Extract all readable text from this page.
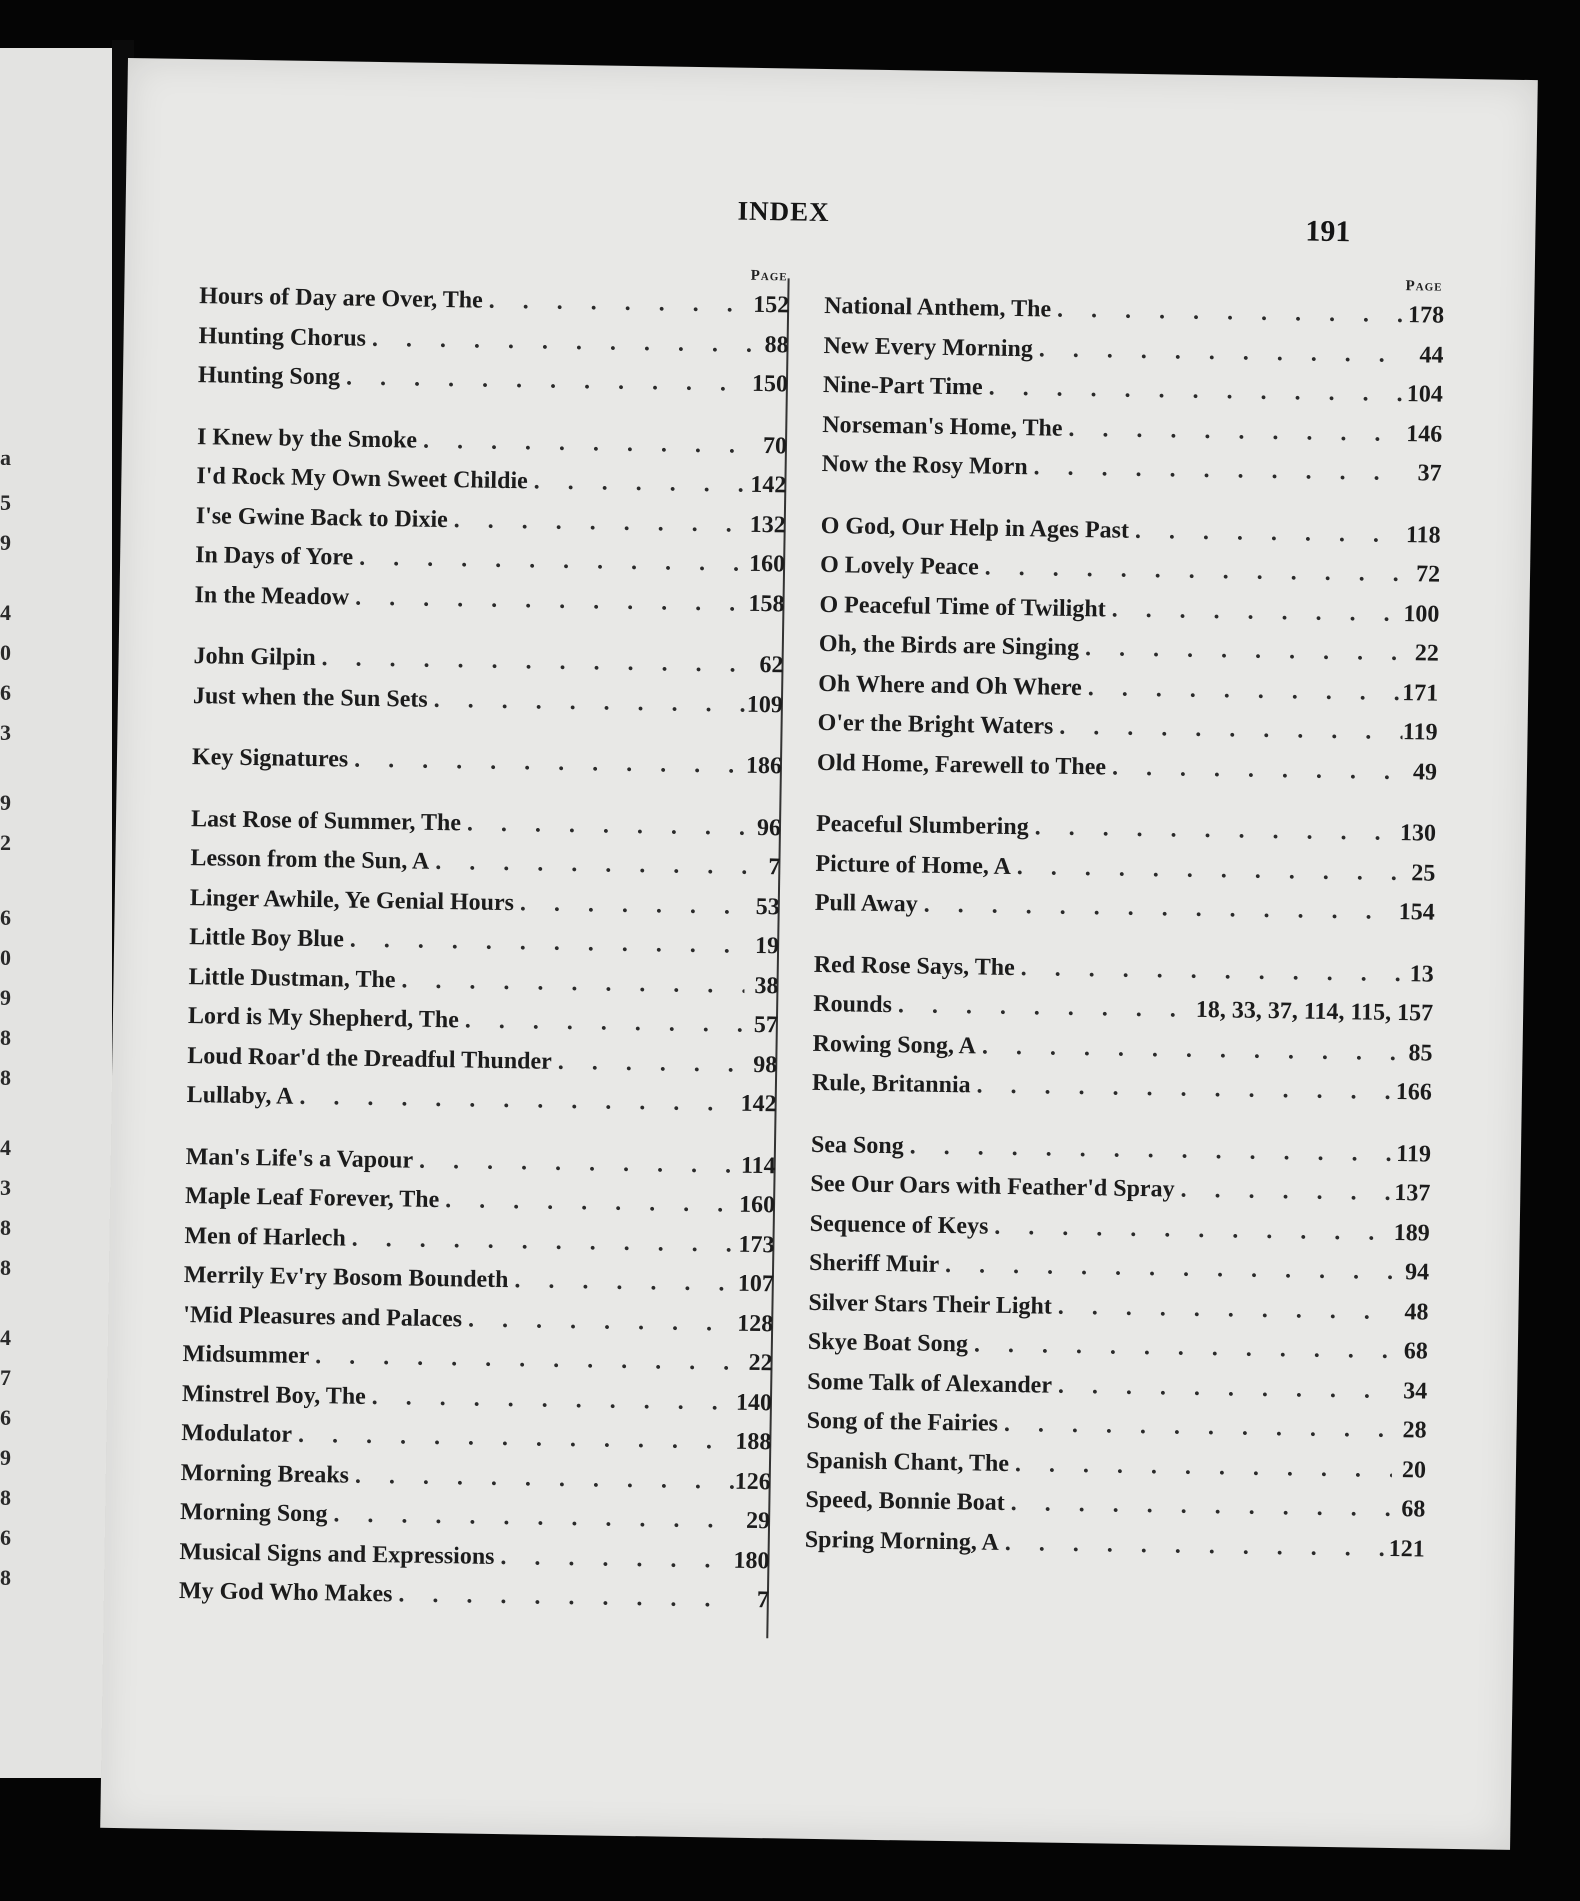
a
5
9
4
0
6
3
9
2
6
0
9
8
8
4
3
8
8
4
7
6
9
8
6
8
INDEX
191
Page
Hours of Day are Over, The . . .	152
Hunting Chorus . . .	88
Hunting Song . . .	150
I Knew by the Smoke . . .	70
I'd Rock My Own Sweet Childie . . .	142
I'se Gwine Back to Dixie . . .	132
In Days of Yore . . .	160
In the Meadow . . .	158
John Gilpin . . .	62
Just when the Sun Sets . . .	109
Key Signatures . . .	186
Last Rose of Summer, The . . .	96
Lesson from the Sun, A . . .	7
Linger Awhile, Ye Genial Hours . . .	53
Little Boy Blue . . .	19
Little Dustman, The . . .	38
Lord is My Shepherd, The . . .	57
Loud Roar'd the Dreadful Thunder . . .	98
Lullaby, A . . .	142
Man's Life's a Vapour . . .	114
Maple Leaf Forever, The . . .	160
Men of Harlech . . .	173
Merrily Ev'ry Bosom Boundeth . . .	107
'Mid Pleasures and Palaces . . .	128
Midsummer . . .	22
Minstrel Boy, The . . .	140
Modulator . . .	188
Morning Breaks . . .	126
Morning Song . . .	29
Musical Signs and Expressions . . .	180
My God Who Makes . . .	7
Page
National Anthem, The . . .	178
New Every Morning . . .	44
Nine-Part Time . . .	104
Norseman's Home, The . . .	146
Now the Rosy Morn . . .	37
O God, Our Help in Ages Past . . .	118
O Lovely Peace . . .	72
O Peaceful Time of Twilight . . .	100
Oh, the Birds are Singing . . .	22
Oh Where and Oh Where . . .	171
O'er the Bright Waters . . .	119
Old Home, Farewell to Thee . . .	49
Peaceful Slumbering . . .	130
Picture of Home, A . . .	25
Pull Away . . .	154
Red Rose Says, The . . .	13
Rounds . . .	18, 33, 37, 114, 115, 157
Rowing Song, A . . .	85
Rule, Britannia . . .	166
Sea Song . . .	119
See Our Oars with Feather'd Spray . . .	137
Sequence of Keys . . .	189
Sheriff Muir . . .	94
Silver Stars Their Light . . .	48
Skye Boat Song . . .	68
Some Talk of Alexander . . .	34
Song of the Fairies . . .	28
Spanish Chant, The . . .	20
Speed, Bonnie Boat . . .	68
Spring Morning, A . . .	121
